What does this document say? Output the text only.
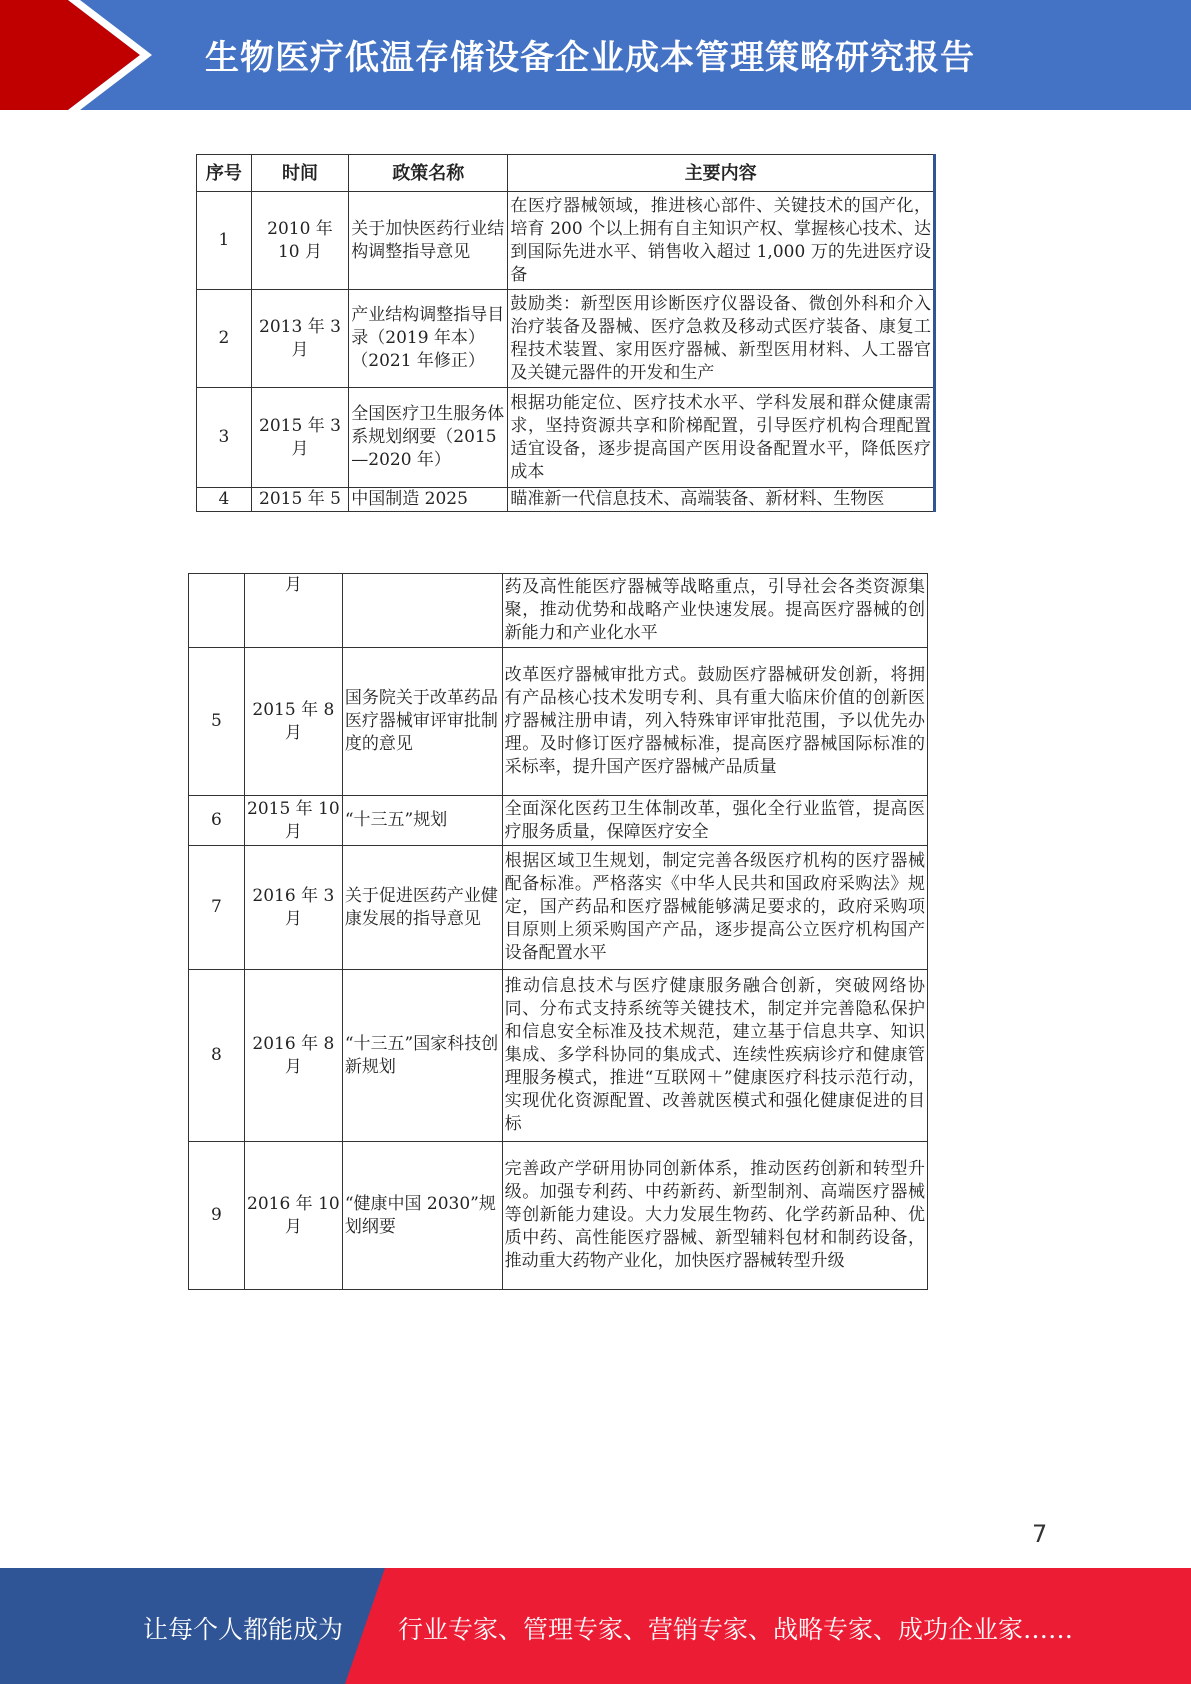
生物医疗低温存储设备企业成本管理策略研究报告
序号	时间	政策名称	主要内容
1	2010 年 10 月	关于加快医药行业结构调整指导意见	在医疗器械领域，推进核心部件、关键技术的国产化，培育 200 个以上拥有自主知识产权、掌握核心技术、达到国际先进水平、销售收入超过 1,000 万的先进医疗设备
2	2013 年 3 月	产业结构调整指导目录（2019 年本）（2021 年修正）	鼓励类：新型医用诊断医疗仪器设备、微创外科和介入治疗装备及器械、医疗急救及移动式医疗装备、康复工程技术装置、家用医疗器械、新型医用材料、人工器官及关键元器件的开发和生产
3	2015 年 3 月	全国医疗卫生服务体系规划纲要（2015—2020 年）	根据功能定位、医疗技术水平、学科发展和群众健康需求，坚持资源共享和阶梯配置，引导医疗机构合理配置适宜设备，逐步提高国产医用设备配置水平，降低医疗成本
4	2015 年 5	中国制造 2025	瞄准新一代信息技术、高端装备、新材料、生物医
	月		药及高性能医疗器械等战略重点，引导社会各类资源集聚，推动优势和战略产业快速发展。提高医疗器械的创新能力和产业化水平
5	2015 年 8 月	国务院关于改革药品医疗器械审评审批制度的意见	改革医疗器械审批方式。鼓励医疗器械研发创新，将拥有产品核心技术发明专利、具有重大临床价值的创新医疗器械注册申请，列入特殊审评审批范围，予以优先办理。及时修订医疗器械标准，提高医疗器械国际标准的采标率，提升国产医疗器械产品质量
6	2015 年 10 月	“十三五”规划	全面深化医药卫生体制改革，强化全行业监管，提高医疗服务质量，保障医疗安全
7	2016 年 3 月	关于促进医药产业健康发展的指导意见	根据区域卫生规划，制定完善各级医疗机构的医疗器械配备标准。严格落实《中华人民共和国政府采购法》规定，国产药品和医疗器械能够满足要求的，政府采购项目原则上须采购国产产品，逐步提高公立医疗机构国产设备配置水平
8	2016 年 8 月	“十三五”国家科技创新规划	推动信息技术与医疗健康服务融合创新，突破网络协同、分布式支持系统等关键技术，制定并完善隐私保护和信息安全标准及技术规范，建立基于信息共享、知识集成、多学科协同的集成式、连续性疾病诊疗和健康管理服务模式，推进“互联网＋”健康医疗科技示范行动，实现优化资源配置、改善就医模式和强化健康促进的目标
9	2016 年 10 月	“健康中国 2030”规划纲要	完善政产学研用协同创新体系，推动医药创新和转型升级。加强专利药、中药新药、新型制剂、高端医疗器械等创新能力建设。大力发展生物药、化学药新品种、优质中药、高性能医疗器械、新型辅料包材和制药设备，推动重大药物产业化，加快医疗器械转型升级
7
让每个人都能成为 行业专家、管理专家、营销专家、战略专家、成功企业家……
